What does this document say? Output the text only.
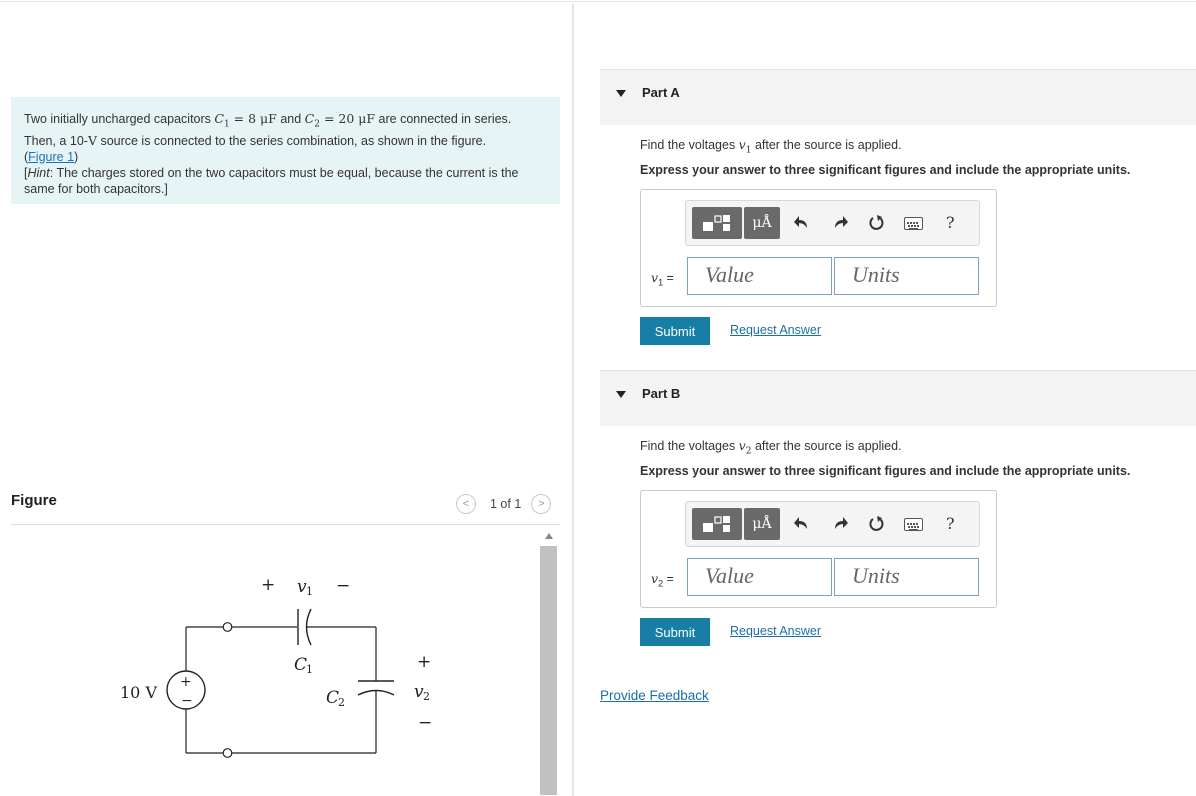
Two initially uncharged capacitors $C_1 = 8$ μF and $C_2 = 20$ μF are connected in series.
Then, a 10-V source is connected to the series combination, as shown in the figure.
(Figure 1)
[Hint: The charges stored on the two capacitors must be equal, because the current is the same for both capacitors.]
Figure	< 1 of 1 >
+ v 1 −
C
1
C
2
10 V
+
−
+
v 2
−
Part A
Find the voltages $v_1$ after the source is applied.
Express your answer to three significant figures and include the appropriate units.
μÅ	?
$v_1$ =	Value	Units
Submit	Request Answer
Part B
Find the voltages $v_2$ after the source is applied.
Express your answer to three significant figures and include the appropriate units.
μÅ	?
$v_2$ =	Value	Units
Submit	Request Answer
Provide Feedback
